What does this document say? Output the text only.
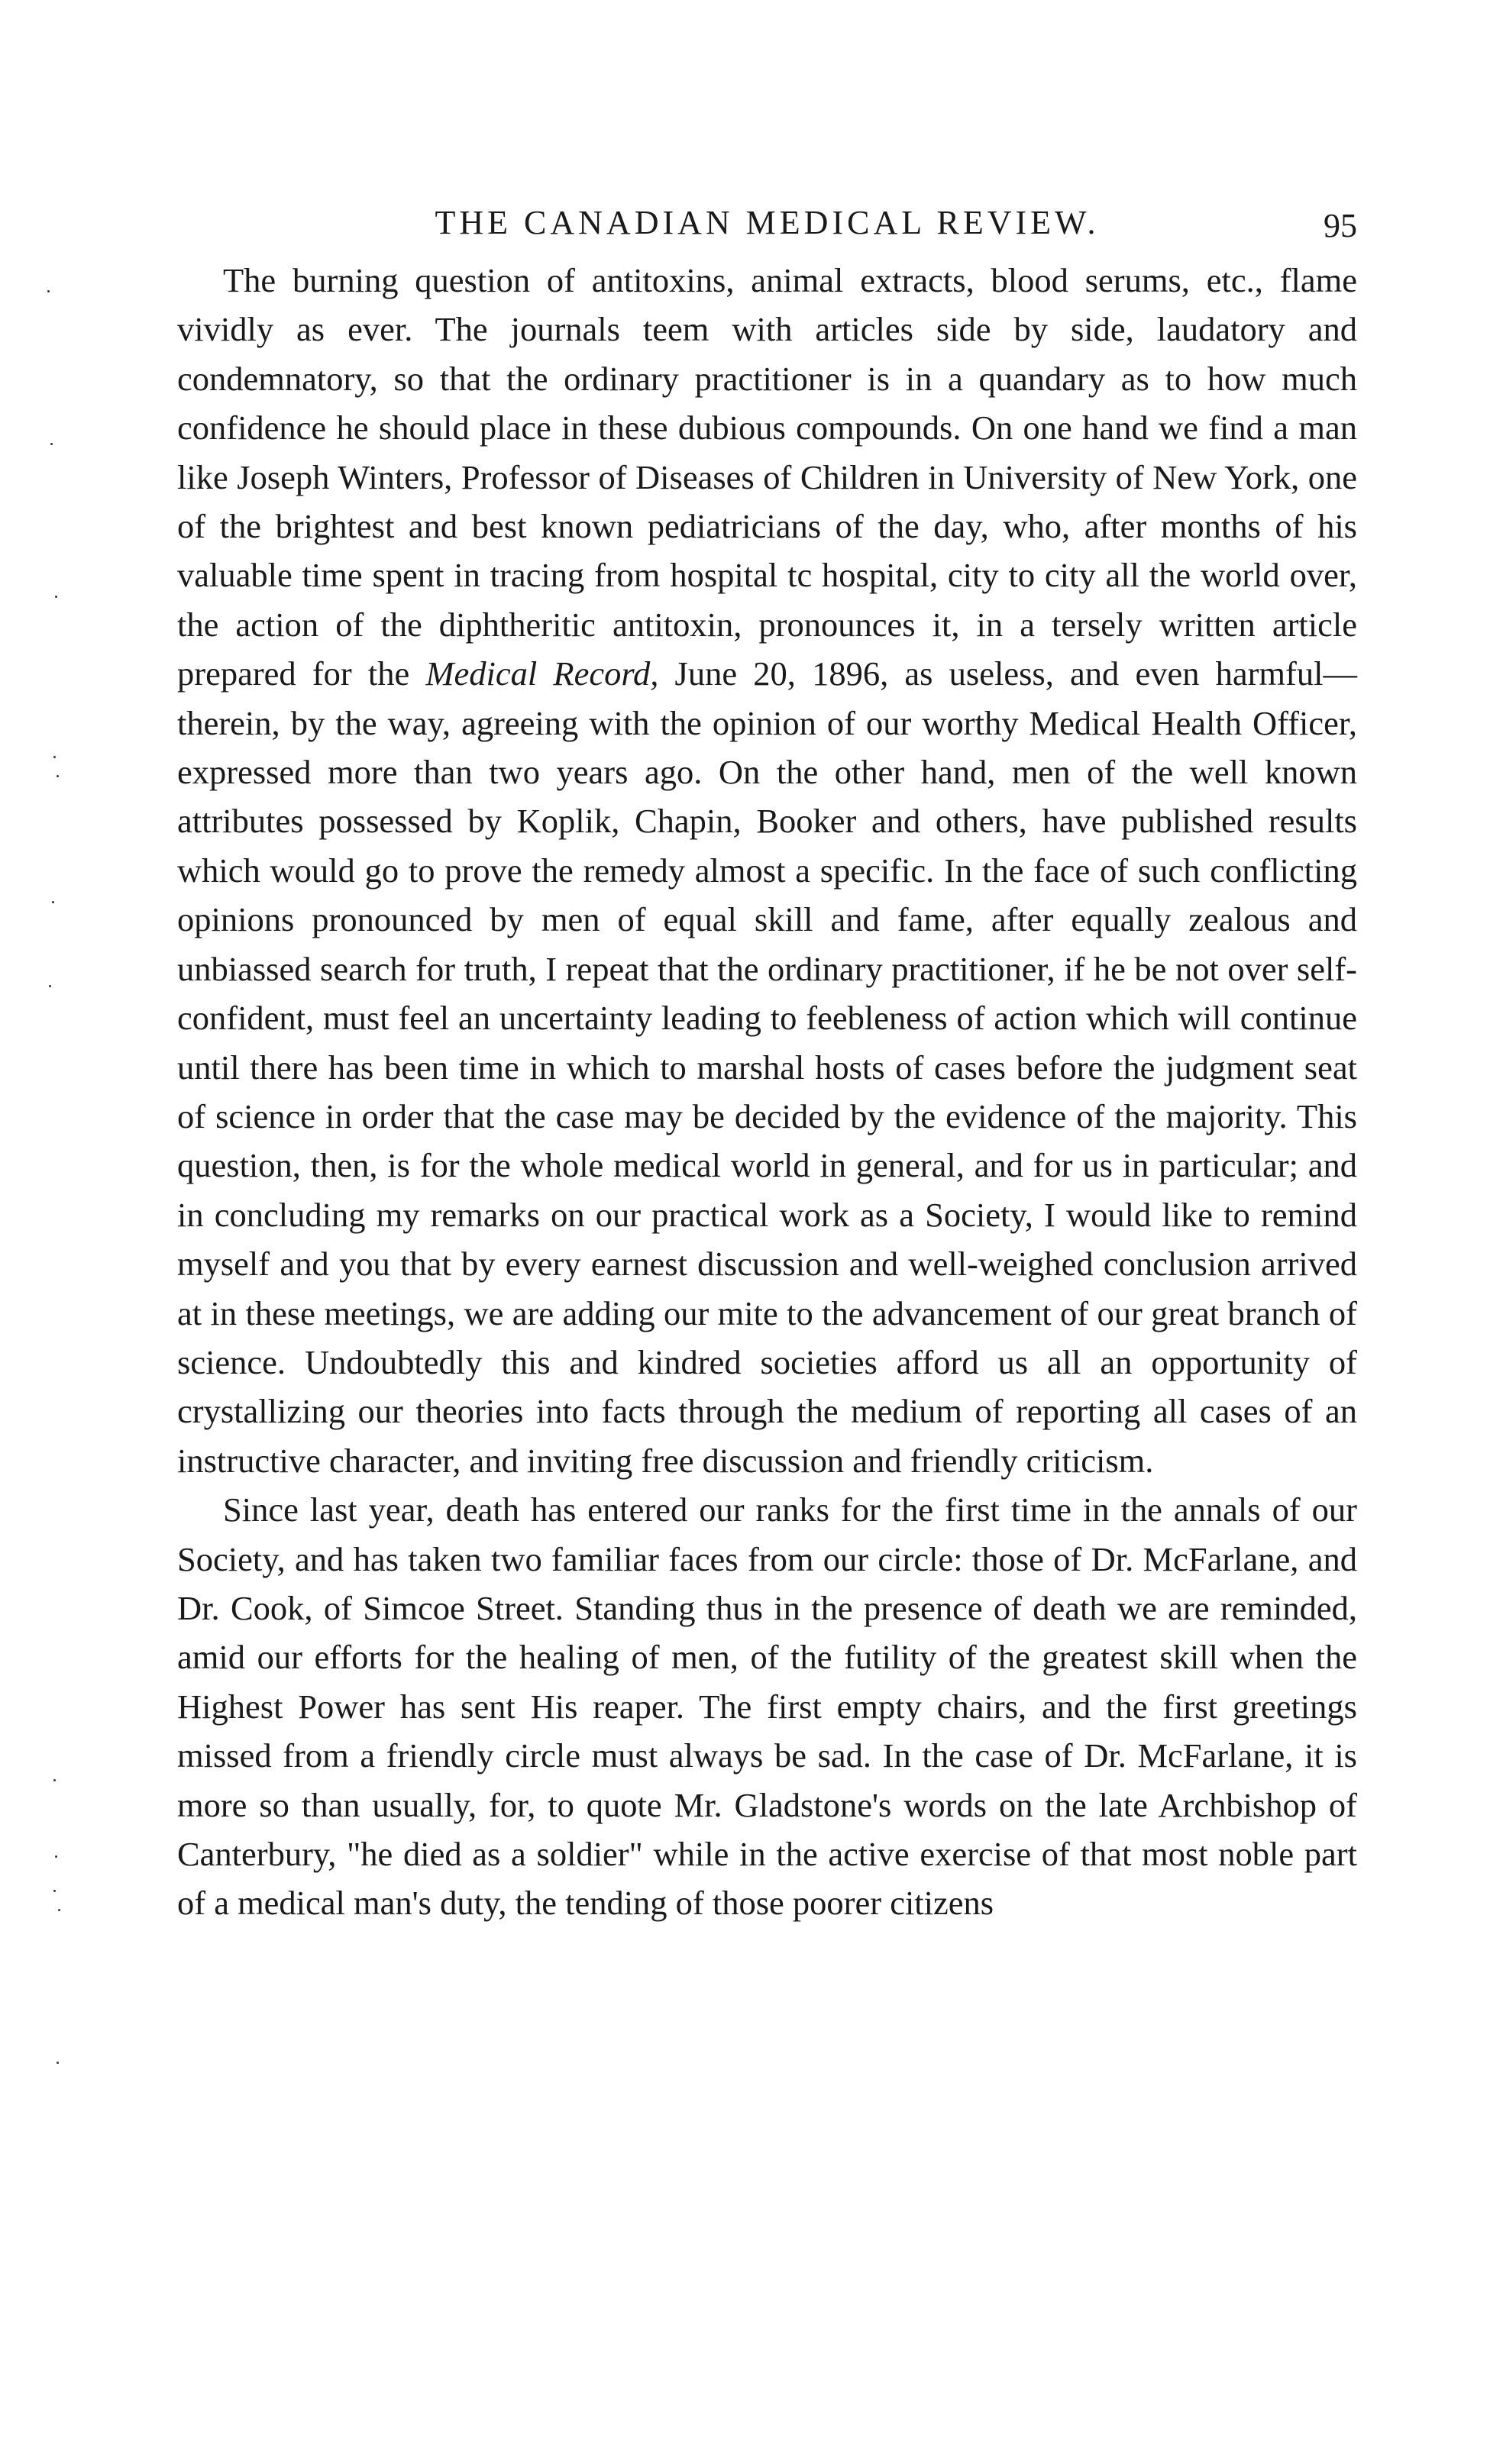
THE CANADIAN MEDICAL REVIEW.	95

The burning question of antitoxins, animal extracts, blood serums, etc., flame vividly as ever. The journals teem with articles side by side, laudatory and condemnatory, so that the ordinary practitioner is in a quandary as to how much confidence he should place in these dubious compounds. On one hand we find a man like Joseph Winters, Professor of Diseases of Children in University of New York, one of the brightest and best known pediatricians of the day, who, after months of his valuable time spent in tracing from hospital tc hospital, city to city all the world over, the action of the diphtheritic antitoxin, pronounces it, in a tersely written article prepared for the Medical Record, June 20, 1896, as useless, and even harmful—therein, by the way, agreeing with the opinion of our worthy Medical Health Officer, expressed more than two years ago. On the other hand, men of the well known attributes possessed by Koplik, Chapin, Booker and others, have published results which would go to prove the remedy almost a specific. In the face of such conflicting opinions pronounced by men of equal skill and fame, after equally zealous and unbiassed search for truth, I repeat that the ordinary practitioner, if he be not over self-confident, must feel an uncertainty leading to feebleness of action which will continue until there has been time in which to marshal hosts of cases before the judgment seat of science in order that the case may be decided by the evidence of the majority. This question, then, is for the whole medical world in general, and for us in particular; and in concluding my remarks on our practical work as a Society, I would like to remind myself and you that by every earnest discussion and well-weighed conclusion arrived at in these meetings, we are adding our mite to the advancement of our great branch of science. Undoubtedly this and kindred societies afford us all an opportunity of crystallizing our theories into facts through the medium of reporting all cases of an instructive character, and inviting free discussion and friendly criticism.

Since last year, death has entered our ranks for the first time in the annals of our Society, and has taken two familiar faces from our circle: those of Dr. McFarlane, and Dr. Cook, of Simcoe Street. Standing thus in the presence of death we are reminded, amid our efforts for the healing of men, of the futility of the greatest skill when the Highest Power has sent His reaper. The first empty chairs, and the first greetings missed from a friendly circle must always be sad. In the case of Dr. McFarlane, it is more so than usually, for, to quote Mr. Gladstone's words on the late Archbishop of Canterbury, "he died as a soldier" while in the active exercise of that most noble part of a medical man's duty, the tending of those poorer citizens
